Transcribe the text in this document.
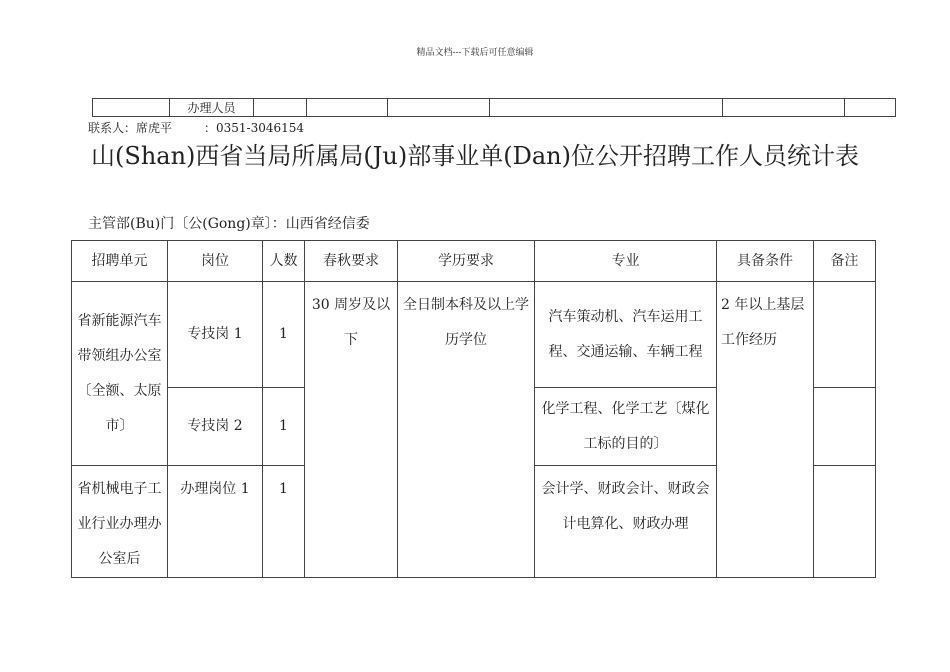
精品文档---下载后可任意编辑
	办理人员						
联系人：席虎平	：0351-3046154
山(Shan)西省当局所属局(Ju)部事业单(Dan)位公开招聘工作人员统计表
主管部(Bu)门〔公(Gong)章〕：山西省经信委
招聘单元	岗位	人数	春秋要求	学历要求	专业	具备条件	备注
省新能源汽车带领组办公室〔全额、太原市〕	专技岗 1	1	30 周岁及以下	全日制本科及以上学历学位	汽车策动机、汽车运用工程、交通运输、车辆工程	2 年以上基层工作经历	
	专技岗 2	1			化学工程、化学工艺〔煤化工标的目的〕		
省机械电子工业行业办理办公室后	办理岗位 1	1			会计学、财政会计、财政会计电算化、财政办理		
